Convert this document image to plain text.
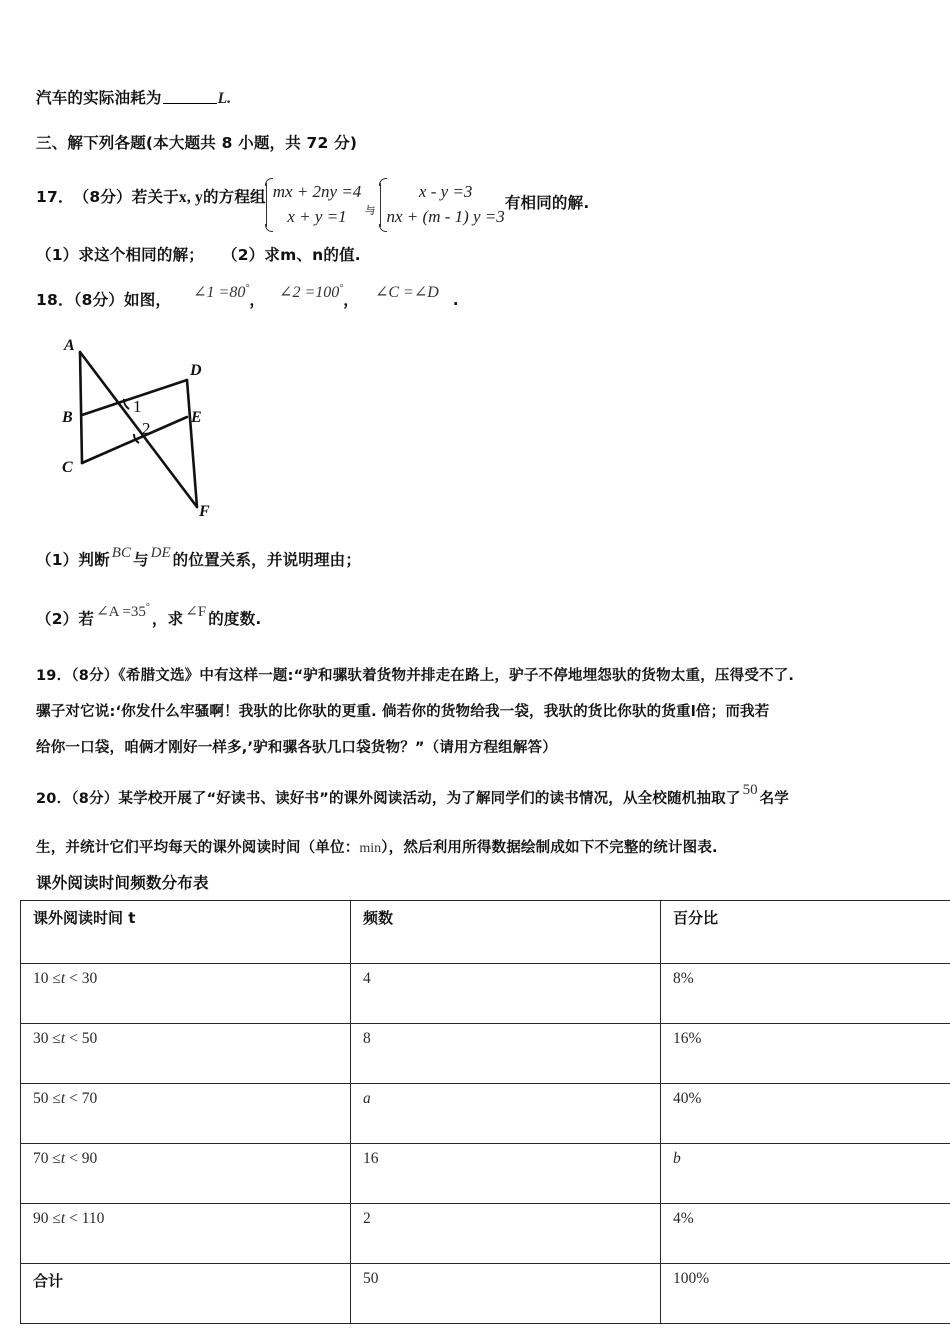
汽车的实际油耗为	L.
三、解下列各题(本大题共 8 小题，共 72 分)
17．（8分）若关于x, y的方程组 mx + 2ny =4
x + y =1	与
x - y =3
nx + (m - 1) y =3
有相同的解.
（1）求这个相同的解； （2）求m、n的值.
18．（8分）如图， ∠1 =80°， ∠2 =100°， ∠C =∠D .
A
B
C
D
E
F
1
2
（1）判断 BC 与 DE 的位置关系，并说明理由；
（2）若 ∠A =35°，求 ∠F 的度数.
19．（8分）《希腊文选》中有这样一题:“驴和骡驮着货物并排走在路上，驴子不停地埋怨驮的货物太重，压得受不了.
骡子对它说:‘你发什么牢骚啊！我驮的比你驮的更重. 倘若你的货物给我一袋，我驮的货比你驮的货重l倍；而我若
给你一口袋，咱俩才刚好一样多,’驴和骡各驮几口袋货物？”（请用方程组解答）
20．（8分）某学校开展了“好读书、读好书”的课外阅读活动，为了解同学们的读书情况，从全校随机抽取了50名学
生，并统计它们平均每天的课外阅读时间（单位：min），然后利用所得数据绘制成如下不完整的统计图表.
课外阅读时间频数分布表
课外阅读时间 t	频数	百分比
10 ≤t < 30	4	8%
30 ≤t < 50	8	16%
50 ≤t < 70	a	40%
70 ≤t < 90	16	b
90 ≤t < 110	2	4%
合计	50	100%
